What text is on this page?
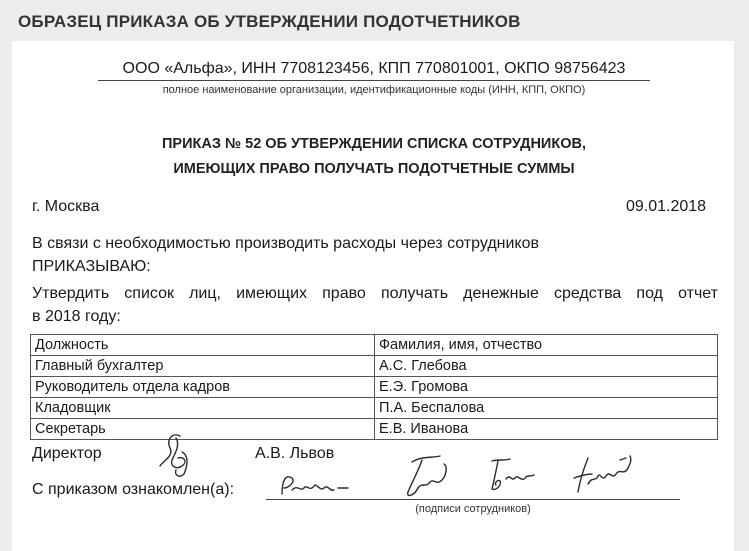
ОБРАЗЕЦ ПРИКАЗА ОБ УТВЕРЖДЕНИИ ПОДОТЧЕТНИКОВ
ООО «Альфа», ИНН 7708123456, КПП 770801001, ОКПО 98756423
полное наименование организации, идентификационные коды (ИНН, КПП, ОКПО)
ПРИКАЗ № 52 ОБ УТВЕРЖДЕНИИ СПИСКА СОТРУДНИКОВ,
ИМЕЮЩИХ ПРАВО ПОЛУЧАТЬ ПОДОТЧЕТНЫЕ СУММЫ
г. Москва	09.01.2018
В связи с необходимостью производить расходы через сотрудников
ПРИКАЗЫВАЮ:
Утвердить список лиц, имеющих право получать денежные средства под отчет
в 2018 году:
Должность	Фамилия, имя, отчество
Главный бухгалтер	А.С. Глебова
Руководитель отдела кадров	Е.Э. Громова
Кладовщик	П.А. Беспалова
Секретарь	Е.В. Иванова
Директор	А.В. Львов
С приказом ознакомлен(а):
(подписи сотрудников)
